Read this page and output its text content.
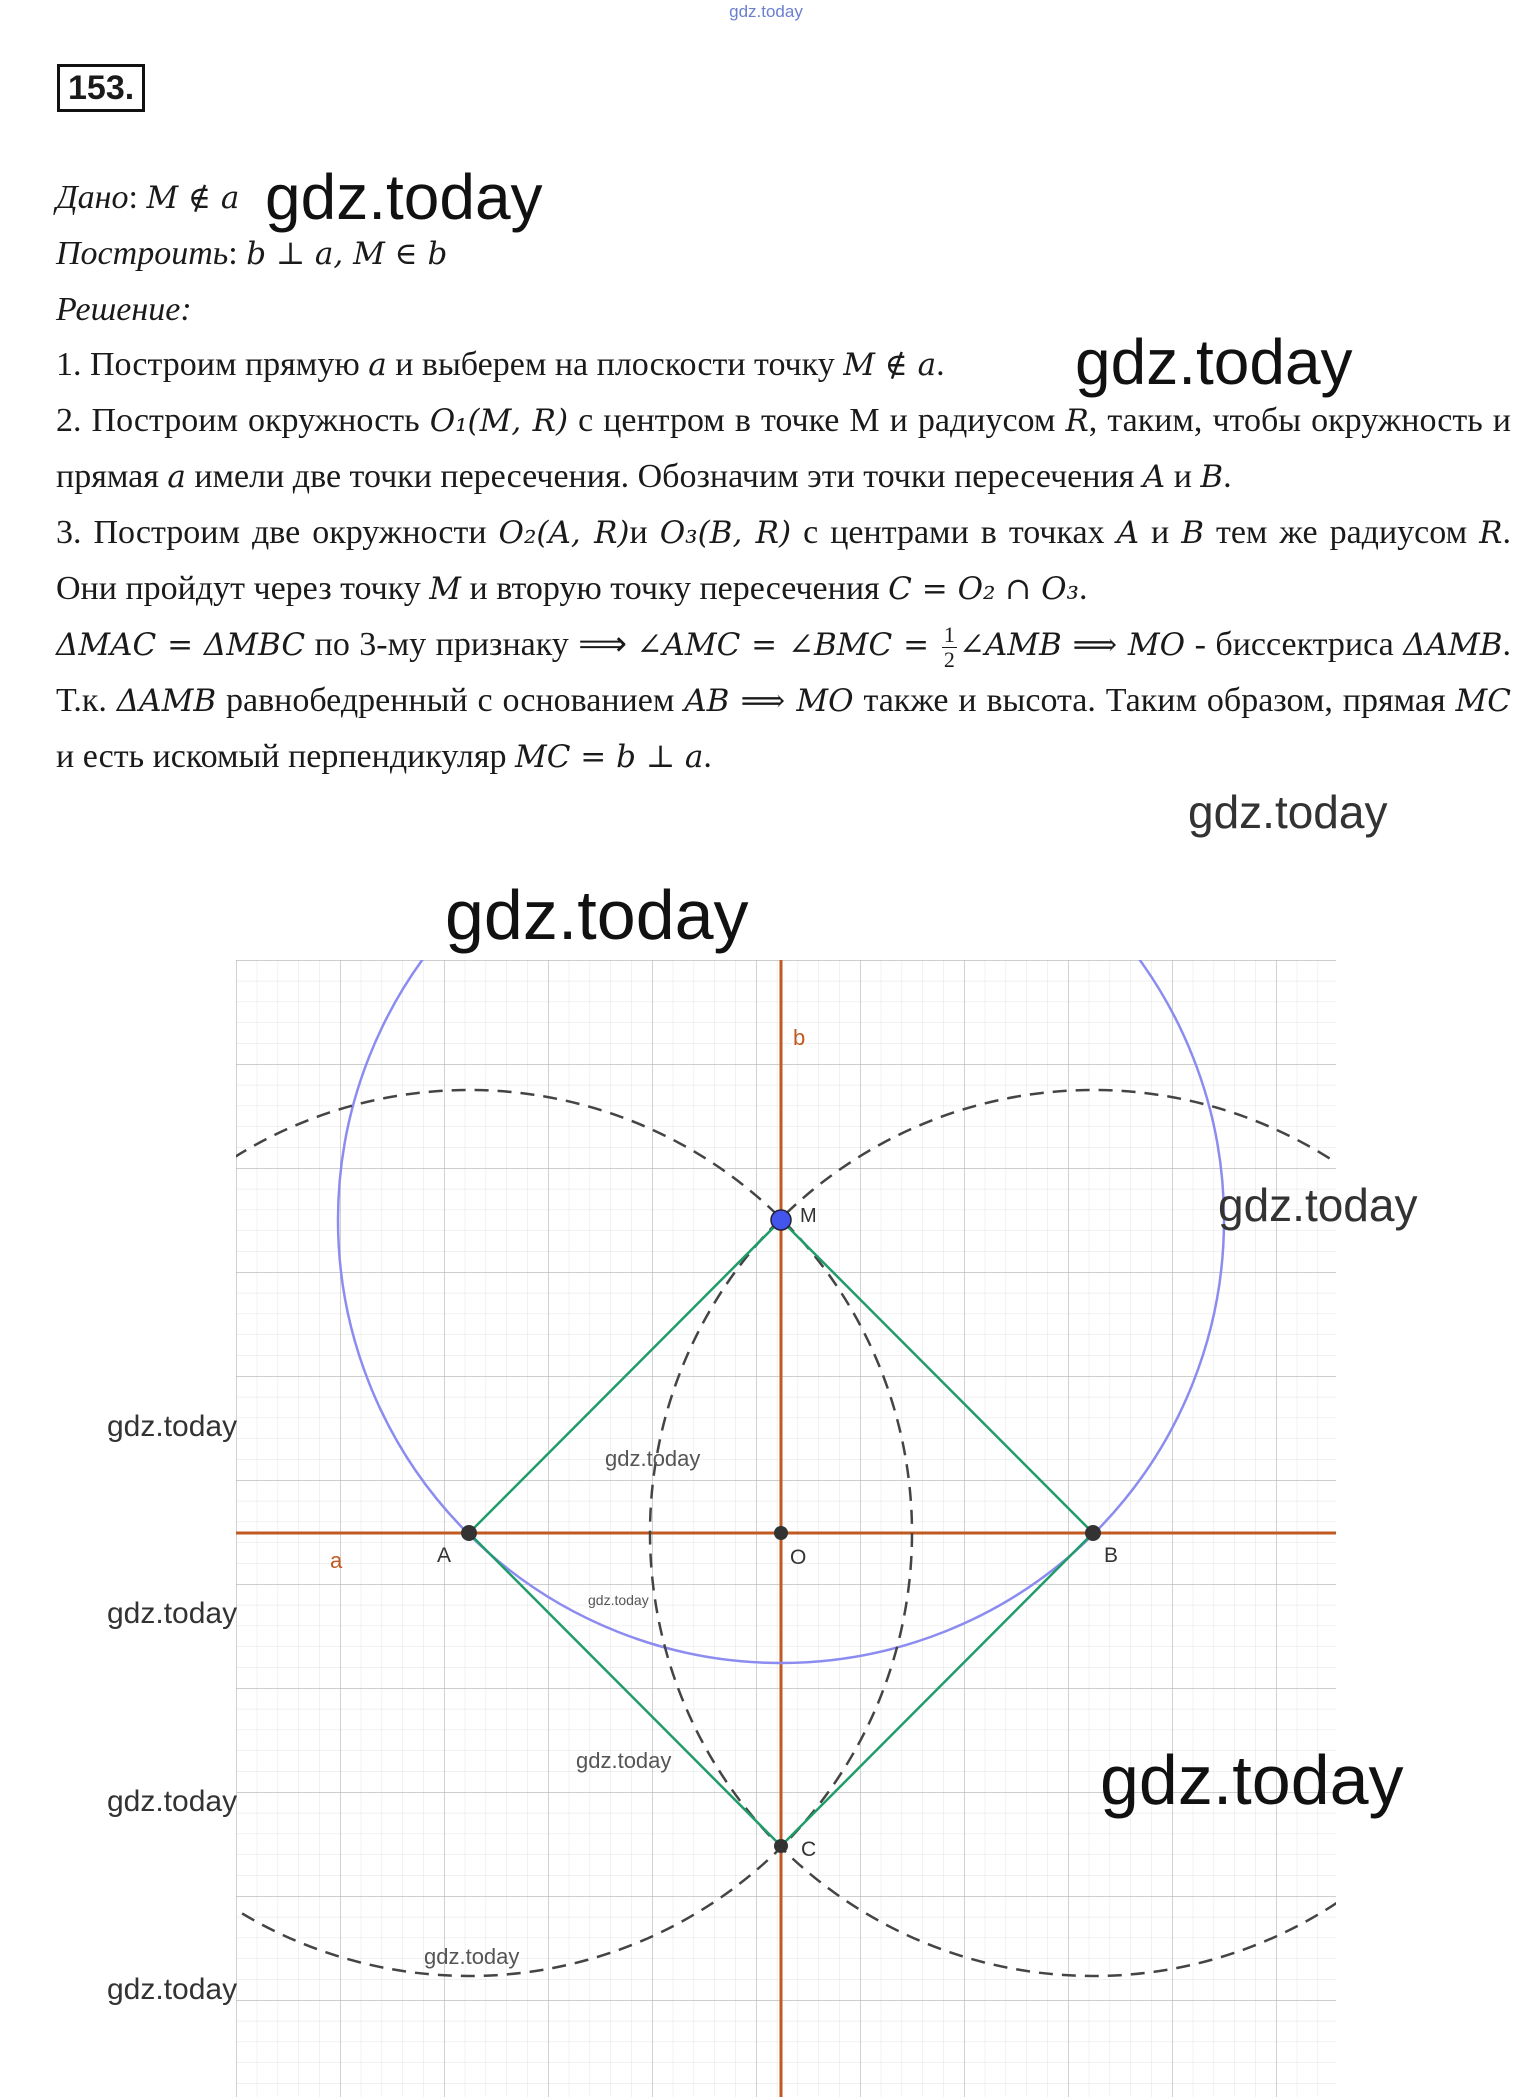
gdz.today
153.

Дано: M ∉ a

Построить: b ⊥ a, M ∈ b

Решение:

1. Построим прямую a и выберем на плоскости точку M ∉ a.

2. Построим окружность O₁(M, R) с центром в точке М и радиусом R, таким, чтобы окружность и прямая a имели две точки пересечения. Обозначим эти точки пересечения A и B.

3. Построим две окружности O₂(A, R)и O₃(B, R) с центрами в точках A и B тем же радиусом R. Они пройдут через точку M и вторую точку пересечения C = O₂ ∩ O₃.

ΔMAC = ΔMBC по 3-му признаку ⟹ ∠AMC = ∠BMC = $\frac{1}{2}$ ∠AMB ⟹ MO - биссектриса ΔAMB. Т.к. ΔAMB равнобедренный с основанием AB ⟹ MO также и высота. Таким образом, прямая MC и есть искомый перпендикуляр MC = b ⊥ a.

a
b
A	B
M
O
C
gdz.today
gdz.today
gdz.today
gdz.today
gdz.today
gdz.today
gdz.today
gdz.today
gdz.today
gdz.today	gdz.today
gdz.today
gdz.today
gdz.today
